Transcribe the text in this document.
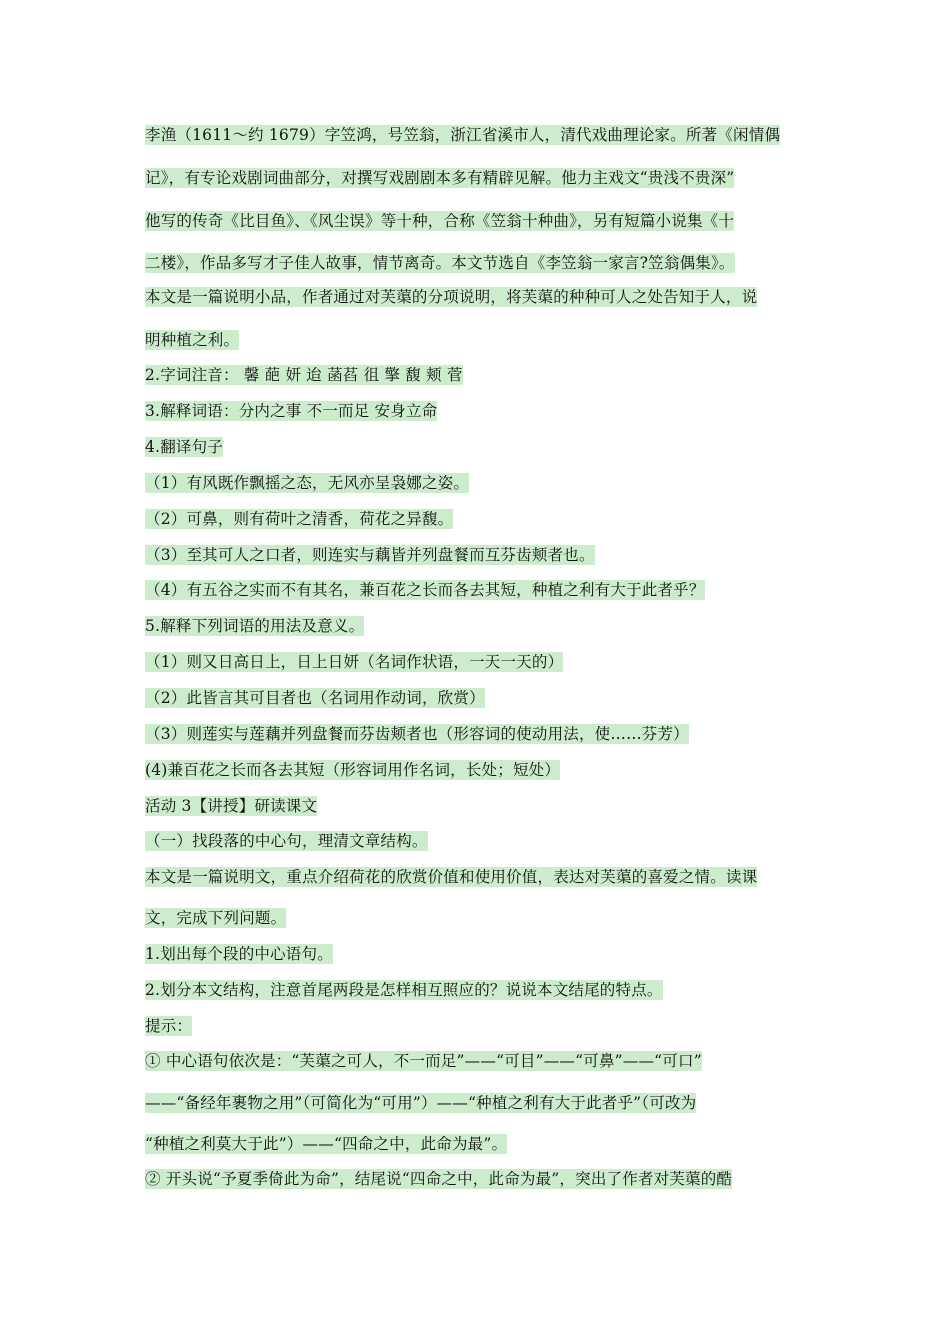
李渔（1611～约 1679）字笠鸿，号笠翁，浙江省溪市人，清代戏曲理论家。所著《闲情偶
记》，有专论戏剧词曲部分，对撰写戏剧剧本多有精辟见解。他力主戏文“贵浅不贵深”
他写的传奇《比目鱼》、《风尘误》等十种，合称《笠翁十种曲》，另有短篇小说集《十
二楼》，作品多写才子佳人故事，情节离奇。本文节选自《李笠翁一家言?笠翁偶集》。
本文是一篇说明小品，作者通过对芙蕖的分项说明，将芙蕖的种种可人之处告知于人，说
明种植之利。
2.字词注音： 馨 葩 妍 迨 菡萏 徂 擎 馥 颊 菅
3.解释词语：分内之事 不一而足 安身立命
4.翻译句子
（1）有风既作飘摇之态，无风亦呈袅娜之姿。
（2）可鼻，则有荷叶之清香，荷花之异馥。
（3）至其可人之口者，则连实与藕皆并列盘餐而互芬齿颊者也。
（4）有五谷之实而不有其名，兼百花之长而各去其短，种植之利有大于此者乎？
5.解释下列词语的用法及意义。
（1）则又日高日上，日上日妍（名词作状语，一天一天的）
（2）此皆言其可目者也（名词用作动词，欣赏）
（3）则莲实与莲藕并列盘餐而芬齿颊者也（形容词的使动用法，使……芬芳）
(4)兼百花之长而各去其短（形容词用作名词，长处；短处）
活动 3【讲授】研读课文
（一）找段落的中心句，理清文章结构。
本文是一篇说明文，重点介绍荷花的欣赏价值和使用价值，表达对芙蕖的喜爱之情。读课
文，完成下列问题。
1.划出每个段的中心语句。
2.划分本文结构，注意首尾两段是怎样相互照应的？说说本文结尾的特点。
提示：
① 中心语句依次是：“芙蕖之可人，不一而足”——“可目”——“可鼻”——“可口”
——“备经年裹物之用”（可简化为“可用”）——“种植之利有大于此者乎”（可改为
“种植之利莫大于此”）——“四命之中，此命为最”。
② 开头说“予夏季倚此为命”，结尾说“四命之中，此命为最”，突出了作者对芙蕖的酷
